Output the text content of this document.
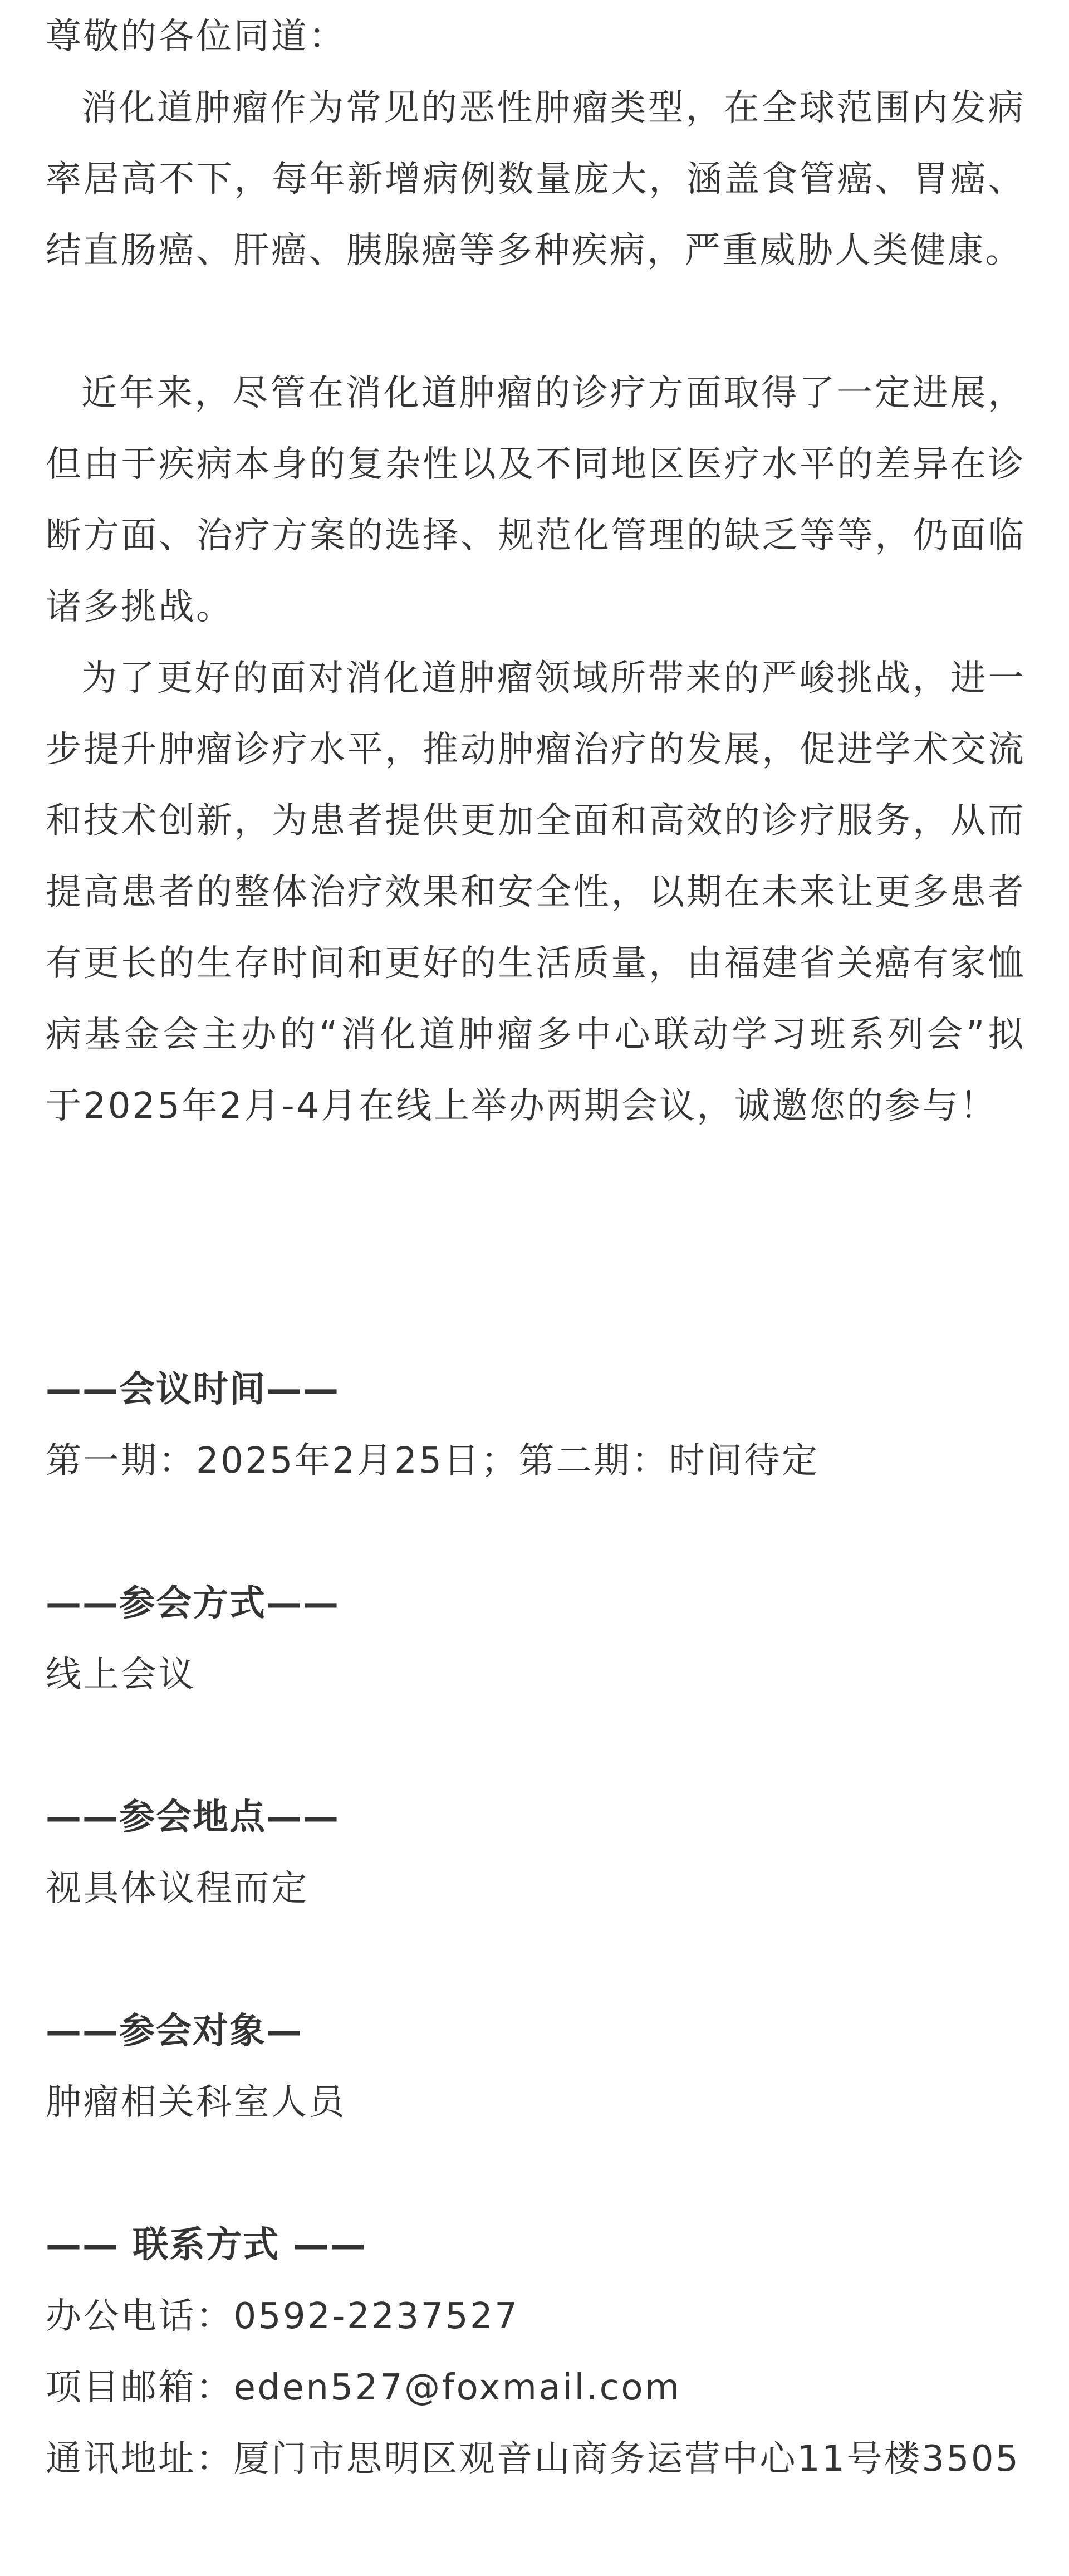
尊敬的各位同道：

消化道肿瘤作为常见的恶性肿瘤类型，在全球范围内发病率居高不下，每年新增病例数量庞大，涵盖食管癌、胃癌、结直肠癌、肝癌、胰腺癌等多种疾病，严重威胁人类健康。

近年来，尽管在消化道肿瘤的诊疗方面取得了一定进展，但由于疾病本身的复杂性以及不同地区医疗水平的差异在诊断方面、治疗方案的选择、规范化管理的缺乏等等，仍面临诸多挑战。

为了更好的面对消化道肿瘤领域所带来的严峻挑战，进一步提升肿瘤诊疗水平，推动肿瘤治疗的发展，促进学术交流和技术创新，为患者提供更加全面和高效的诊疗服务，从而提高患者的整体治疗效果和安全性，以期在未来让更多患者有更长的生存时间和更好的生活质量，由福建省关癌有家恤病基金会主办的“消化道肿瘤多中心联动学习班系列会”拟于2025年2月-4月在线上举办两期会议，诚邀您的参与！

——会议时间——

第一期：2025年2月25日；第二期：时间待定

——参会方式——

线上会议

——参会地点——

视具体议程而定

——参会对象—

肿瘤相关科室人员

—— 联系方式 ——

办公电话：0592-2237527

项目邮箱：eden527@foxmail.com

通讯地址：厦门市思明区观音山商务运营中心11号楼3505
